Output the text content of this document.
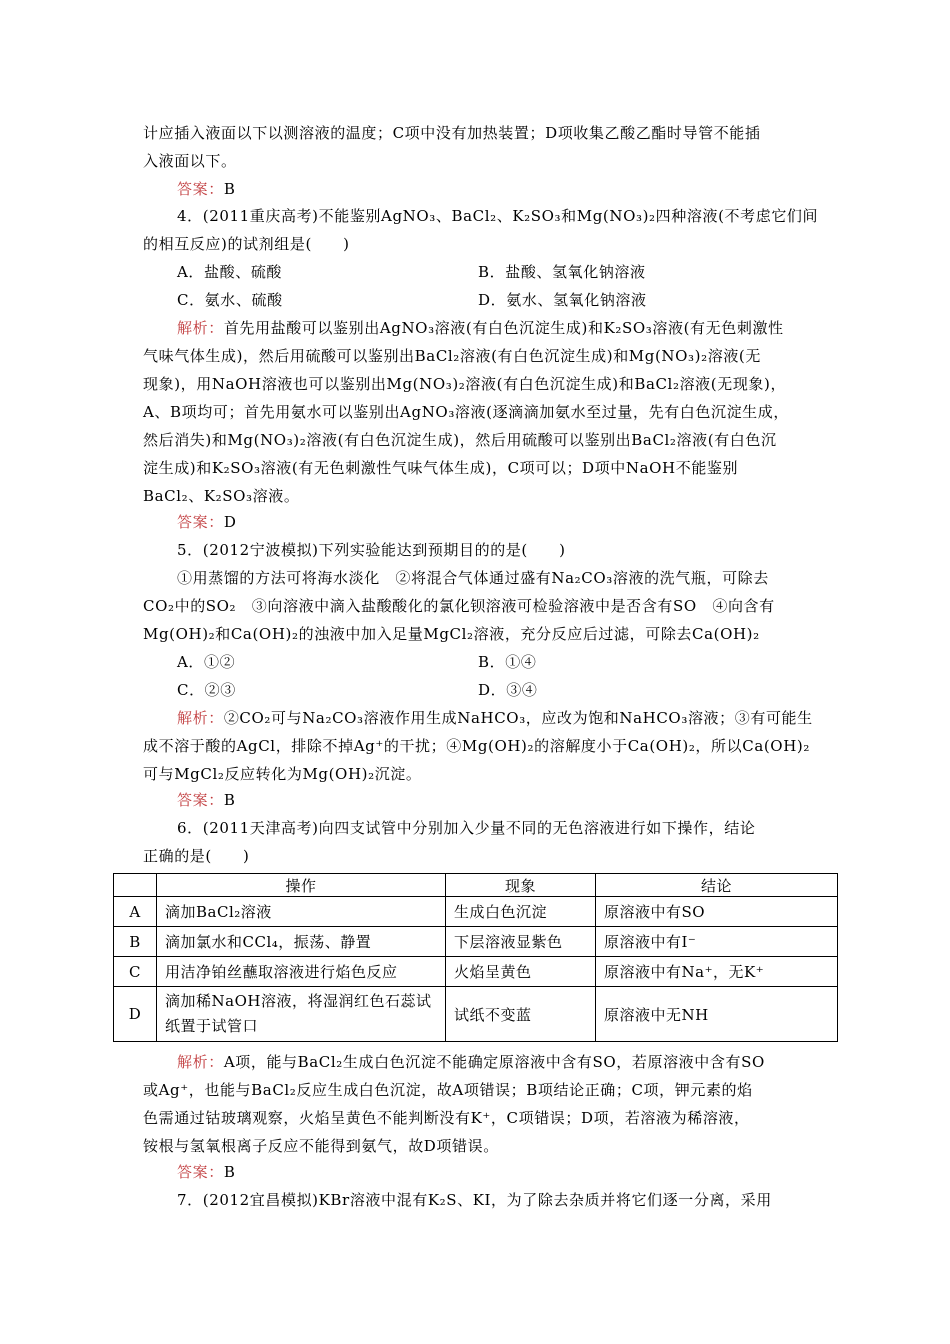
计应插入液面以下以测溶液的温度；C项中没有加热装置；D项收集乙酸乙酯时导管不能插
入液面以下。
答案：B
4．(2011重庆高考)不能鉴别AgNO₃、BaCl₂、K₂SO₃和Mg(NO₃)₂四种溶液(不考虑它们间
的相互反应)的试剂组是(　　)
A．盐酸、硫酸	B．盐酸、氢氧化钠溶液
C．氨水、硫酸	D．氨水、氢氧化钠溶液
解析：首先用盐酸可以鉴别出AgNO₃溶液(有白色沉淀生成)和K₂SO₃溶液(有无色刺激性
气味气体生成)，然后用硫酸可以鉴别出BaCl₂溶液(有白色沉淀生成)和Mg(NO₃)₂溶液(无
现象)，用NaOH溶液也可以鉴别出Mg(NO₃)₂溶液(有白色沉淀生成)和BaCl₂溶液(无现象)，
A、B项均可；首先用氨水可以鉴别出AgNO₃溶液(逐滴滴加氨水至过量，先有白色沉淀生成，
然后消失)和Mg(NO₃)₂溶液(有白色沉淀生成)，然后用硫酸可以鉴别出BaCl₂溶液(有白色沉
淀生成)和K₂SO₃溶液(有无色刺激性气味气体生成)，C项可以；D项中NaOH不能鉴别
BaCl₂、K₂SO₃溶液。
答案：D
5．(2012宁波模拟)下列实验能达到预期目的的是(　　)
①用蒸馏的方法可将海水淡化　②将混合气体通过盛有Na₂CO₃溶液的洗气瓶，可除去
CO₂中的SO₂　③向溶液中滴入盐酸酸化的氯化钡溶液可检验溶液中是否含有SO　④向含有
Mg(OH)₂和Ca(OH)₂的浊液中加入足量MgCl₂溶液，充分反应后过滤，可除去Ca(OH)₂
A．①②	B．①④
C．②③	D．③④
解析：②CO₂可与Na₂CO₃溶液作用生成NaHCO₃，应改为饱和NaHCO₃溶液；③有可能生
成不溶于酸的AgCl，排除不掉Ag⁺的干扰；④Mg(OH)₂的溶解度小于Ca(OH)₂，所以Ca(OH)₂
可与MgCl₂反应转化为Mg(OH)₂沉淀。
答案：B
6．(2011天津高考)向四支试管中分别加入少量不同的无色溶液进行如下操作，结论
正确的是(　　)
	操作	现象	结论
A	滴加BaCl₂溶液	生成白色沉淀	原溶液中有SO
B	滴加氯水和CCl₄，振荡、静置	下层溶液显紫色	原溶液中有I⁻
C	用洁净铂丝蘸取溶液进行焰色反应	火焰呈黄色	原溶液中有Na⁺，无K⁺
D	滴加稀NaOH溶液，将湿润红色石蕊试纸置于试管口	试纸不变蓝	原溶液中无NH
解析：A项，能与BaCl₂生成白色沉淀不能确定原溶液中含有SO，若原溶液中含有SO
或Ag⁺，也能与BaCl₂反应生成白色沉淀，故A项错误；B项结论正确；C项，钾元素的焰
色需通过钴玻璃观察，火焰呈黄色不能判断没有K⁺，C项错误；D项，若溶液为稀溶液，
铵根与氢氧根离子反应不能得到氨气，故D项错误。
答案：B
7．(2012宜昌模拟)KBr溶液中混有K₂S、KI，为了除去杂质并将它们逐一分离，采用
